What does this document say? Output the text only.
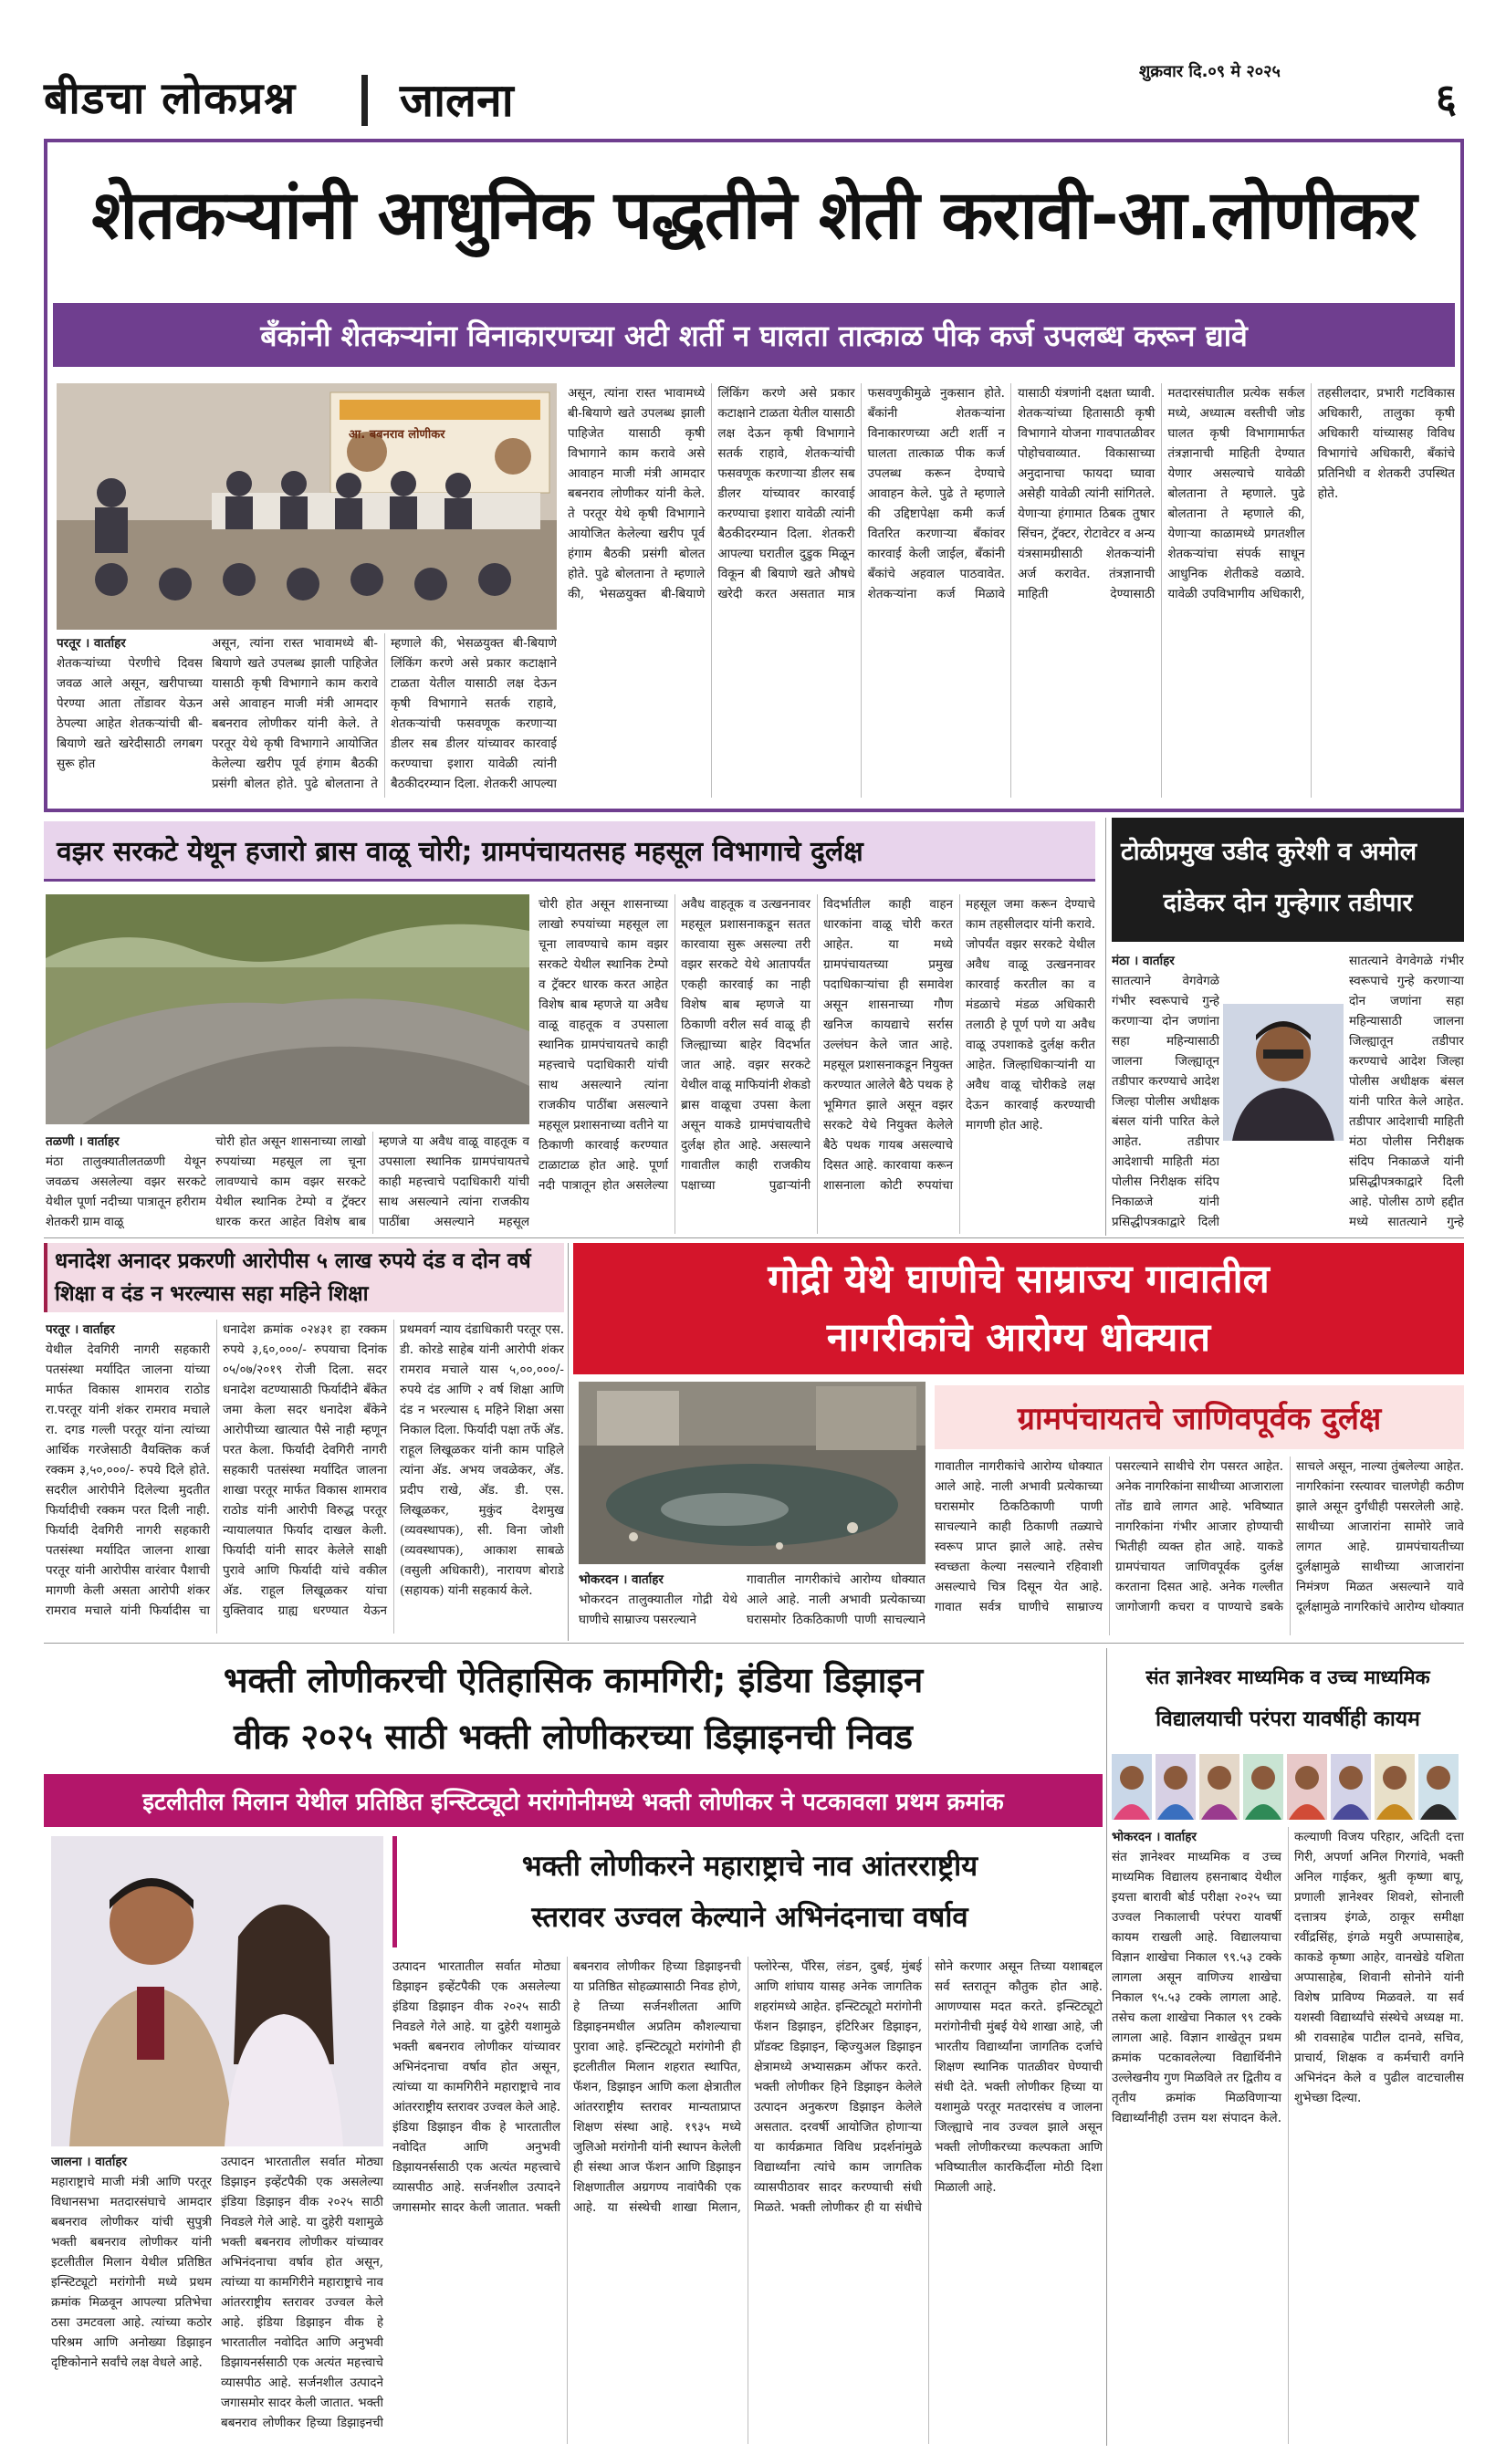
बीडचा लोकप्रश्न जालना
शुक्रवार दि.०९ मे २०२५
६
शेतकऱ्यांनी आधुनिक पद्धतीने शेती करावी-आ.लोणीकर
बँकांनी शेतकऱ्यांना विनाकारणच्या अटी शर्ती न घालता तात्काळ पीक कर्ज उपलब्ध करून द्यावे
आ. बबनराव लोणीकर
परतूर । वार्ताहर
शेतकऱ्यांच्या पेरणीचे दिवस जवळ आले असून, खरीपाच्या पेरण्या आता तोंडावर येऊन ठेपल्या आहेत शेतकऱ्यांची बी-बियाणे खते खरेदीसाठी लगबग सुरू होत
असून, त्यांना रास्त भावामध्ये बी-बियाणे खते उपलब्ध झाली पाहिजेत यासाठी कृषी विभागाने काम करावे असे आवाहन माजी मंत्री आमदार बबनराव लोणीकर यांनी केले. ते परतूर येथे कृषी विभागाने आयोजित केलेल्या खरीप पूर्व हंगाम बैठकी प्रसंगी बोलत होते. पुढे बोलताना ते म्हणाले की, भेसळयुक्त बी-बियाणे लिंकिंग करणे असे प्रकार कटाक्षाने टाळता येतील यासाठी लक्ष देऊन कृषी विभागाने सतर्क राहावे, शेतकऱ्यांची फसवणूक करणाऱ्या डीलर सब डीलर यांच्यावर कारवाई करण्याचा इशारा यावेळी त्यांनी बैठकीदरम्यान दिला. शेतकरी आपल्या
असून, त्यांना रास्त भावामध्ये बी-बियाणे खते उपलब्ध झाली पाहिजेत यासाठी कृषी विभागाने काम करावे असे आवाहन माजी मंत्री आमदार बबनराव लोणीकर यांनी केले. ते परतूर येथे कृषी विभागाने आयोजित केलेल्या खरीप पूर्व हंगाम बैठकी प्रसंगी बोलत होते. पुढे बोलताना ते म्हणाले की, भेसळयुक्त बी-बियाणे लिंकिंग करणे असे प्रकार कटाक्षाने टाळता येतील यासाठी लक्ष देऊन कृषी विभागाने सतर्क राहावे, शेतकऱ्यांची फसवणूक करणाऱ्या डीलर सब डीलर यांच्यावर कारवाई करण्याचा इशारा यावेळी त्यांनी बैठकीदरम्यान दिला. शेतकरी आपल्या घरातील दुडुक मिळून विकून बी बियाणे खते औषधे खरेदी करत असतात मात्र फसवणुकीमुळे नुकसान होते. बँकांनी शेतकऱ्यांना विनाकारणच्या अटी शर्ती न घालता तात्काळ पीक कर्ज उपलब्ध करून देण्याचे आवाहन केले. पुढे ते म्हणाले की उद्दिष्टापेक्षा कमी कर्ज वितरित करणाऱ्या बँकांवर कारवाई केली जाईल, बँकांनी बँकांचे अहवाल पाठवावेत. शेतकऱ्यांना कर्ज मिळावे यासाठी यंत्रणांनी दक्षता घ्यावी. शेतकऱ्यांच्या हितासाठी कृषी विभागाने योजना गावपातळीवर पोहोचवाव्यात. विकासाच्या अनुदानाचा फायदा घ्यावा असेही यावेळी त्यांनी सांगितले. येणाऱ्या हंगामात ठिबक तुषार सिंचन, ट्रॅक्टर, रोटावेटर व अन्य यंत्रसामग्रीसाठी शेतकऱ्यांनी अर्ज करावेत. तंत्रज्ञानाची माहिती देण्यासाठी मतदारसंघातील प्रत्येक सर्कल मध्ये, अध्यात्म वस्तीची जोड घालत कृषी विभागामार्फत तंत्रज्ञानाची माहिती देण्यात येणार असल्याचे यावेळी बोलताना ते म्हणाले. पुढे बोलताना ते म्हणाले की, येणाऱ्या काळामध्ये प्रगतशील शेतकऱ्यांचा संपर्क साधून आधुनिक शेतीकडे वळावे. यावेळी उपविभागीय अधिकारी, तहसीलदार, प्रभारी गटविकास अधिकारी, तालुका कृषी अधिकारी यांच्यासह विविध विभागांचे अधिकारी, बँकांचे प्रतिनिधी व शेतकरी उपस्थित होते.
वझर सरकटे येथून हजारो ब्रास वाळू चोरी; ग्रामपंचायतसह महसूल विभागाचे दुर्लक्ष
तळणी । वार्ताहर
मंठा तालुक्यातीलतळणी येथून जवळच असलेल्या वझर सरकटे येथील पूर्णा नदीच्या पात्रातून हरीराम शेतकरी ग्राम वाळू
चोरी होत असून शासनाच्या लाखो रुपयांच्या महसूल ला चूना लावण्याचे काम वझर सरकटे येथील स्थानिक टेम्पो व ट्रॅक्टर धारक करत आहेत विशेष बाब म्हणजे या अवैध वाळू वाहतूक व उपसाला स्थानिक ग्रामपंचायतचे काही महत्त्वाचे पदाधिकारी यांची साथ असल्याने त्यांना राजकीय पाठींबा असल्याने महसूल
चोरी होत असून शासनाच्या लाखो रुपयांच्या महसूल ला चूना लावण्याचे काम वझर सरकटे येथील स्थानिक टेम्पो व ट्रॅक्टर धारक करत आहेत विशेष बाब म्हणजे या अवैध वाळू वाहतूक व उपसाला स्थानिक ग्रामपंचायतचे काही महत्त्वाचे पदाधिकारी यांची साथ असल्याने त्यांना राजकीय पाठींबा असल्याने महसूल प्रशासनाच्या वतीने या ठिकाणी कारवाई करण्यात टाळाटाळ होत आहे. पूर्णा नदी पात्रातून होत असलेल्या अवैध वाहतूक व उत्खननावर महसूल प्रशासनाकडून सतत कारवाया सुरू असल्या तरी वझर सरकटे येथे आतापर्यंत एकही कारवाई का नाही विशेष बाब म्हणजे या ठिकाणी वरील सर्व वाळू ही जिल्ह्याच्या बाहेर विदर्भात जात आहे. वझर सरकटे येथील वाळू माफियांनी शेकडो ब्रास वाळूचा उपसा केला असून याकडे ग्रामपंचायतीचे दुर्लक्ष होत आहे. असल्याने गावातील काही राजकीय पक्षाच्या पुढाऱ्यांनी विदर्भातील काही वाहन धारकांना वाळू चोरी करत आहेत. या मध्ये ग्रामपंचायतच्या प्रमुख पदाधिकाऱ्यांचा ही समावेश असून शासनाच्या गौण खनिज कायद्याचे सर्रास उल्लंघन केले जात आहे. महसूल प्रशासनाकडून नियुक्त करण्यात आलेले बैठे पथक हे भूमिगत झाले असून वझर सरकटे येथे नियुक्त केलेले बैठे पथक गायब असल्याचे दिसत आहे. कारवाया करून शासनाला कोटी रुपयांचा महसूल जमा करून देण्याचे काम तहसीलदार यांनी करावे. जोपर्यंत वझर सरकटे येथील अवैध वाळू उत्खननावर कारवाई करतील का व मंडळाचे मंडळ अधिकारी तलाठी हे पूर्ण पणे या अवैध वाळू उपशाकडे दुर्लक्ष करीत आहेत. जिल्हाधिकाऱ्यांनी या अवैध वाळू चोरीकडे लक्ष देऊन कारवाई करण्याची मागणी होत आहे.
टोळीप्रमुख उडीद कुरेशी व अमोल
दांडेकर दोन गुन्हेगार तडीपार
मंठा । वार्ताहर
सातत्याने वेगवेगळे गंभीर स्वरूपाचे गुन्हे करणाऱ्या दोन जणांना सहा महिन्यासाठी जालना जिल्ह्यातून तडीपार करण्याचे आदेश जिल्हा पोलीस अधीक्षक बंसल यांनी पारित केले आहेत. तडीपार आदेशाची माहिती मंठा पोलीस निरीक्षक संदिप निकाळजे यांनी प्रसिद्धीपत्रकाद्वारे दिली
सातत्याने वेगवेगळे गंभीर स्वरूपाचे गुन्हे करणाऱ्या दोन जणांना सहा महिन्यासाठी जालना जिल्ह्यातून तडीपार करण्याचे आदेश जिल्हा पोलीस अधीक्षक बंसल यांनी पारित केले आहेत. तडीपार आदेशाची माहिती मंठा पोलीस निरीक्षक संदिप निकाळजे यांनी प्रसिद्धीपत्रकाद्वारे दिली आहे. पोलीस ठाणे हद्दीत मध्ये सातत्याने गुन्हे
धनादेश अनादर प्रकरणी आरोपीस ५ लाख रुपये दंड व दोन वर्ष शिक्षा व दंड न भरल्यास सहा महिने शिक्षा
परतूर । वार्ताहर
येथील देवगिरी नागरी सहकारी पतसंस्था मर्यादित जालना यांच्या मार्फत विकास शामराव राठोड रा.परतूर यांनी शंकर रामराव मचाले रा. दगड गल्ली परतूर यांना त्यांच्या आर्थिक गरजेसाठी वैयक्तिक कर्ज रक्कम ३,५०,०००/- रुपये दिले होते. सदरील आरोपीने दिलेल्या मुदतीत फिर्यादीची रक्कम परत दिली नाही. फिर्यादी देवगिरी नागरी सहकारी पतसंस्था मर्यादित जालना शाखा परतूर यांनी आरोपीस वारंवार पैशाची मागणी केली असता आरोपी शंकर रामराव मचाले यांनी फिर्यादीस चा धनादेश क्रमांक ०२४३१ हा रक्कम रुपये ३,६०,०००/- रुपयाचा दिनांक ०५/०७/२०१९ रोजी दिला. सदर धनादेश वटण्यासाठी फिर्यादीने बँकेत जमा केला सदर धनादेश बँकेने आरोपीच्या खात्यात पैसे नाही म्हणून परत केला. फिर्यादी देवगिरी नागरी सहकारी पतसंस्था मर्यादित जालना शाखा परतूर मार्फत विकास शामराव राठोड यांनी आरोपी विरुद्ध परतूर न्यायालयात फिर्याद दाखल केली. फिर्यादी यांनी सादर केलेले साक्षी पुरावे आणि फिर्यादी यांचे वकील अ‍ॅड. राहूल लिखूळकर यांचा युक्तिवाद ग्राह्य धरण्यात येऊन प्रथमवर्ग न्याय दंडाधिकारी परतूर एस. डी. कोरडे साहेब यांनी आरोपी शंकर रामराव मचाले यास ५,००,०००/- रुपये दंड आणि २ वर्ष शिक्षा आणि दंड न भरल्यास ६ महिने शिक्षा असा निकाल दिला. फिर्यादी पक्षा तर्फे अ‍ॅड. राहूल लिखूळकर यांनी काम पाहिले त्यांना अ‍ॅड. अभय जवळेकर, अ‍ॅड. प्रदीप राखे, अ‍ॅड. डी. एस. लिखूळकर, मुकुंद देशमुख (व्यवस्थापक), सी. विना जोशी (व्यवस्थापक), आकाश साबळे (वसुली अधिकारी), नारायण बोराडे (सहायक) यांनी सहकार्य केले.
गोद्री येथे घाणीचे साम्राज्य गावातील
नागरीकांचे आरोग्य धोक्यात
ग्रामपंचायतचे जाणिवपूर्वक दुर्लक्ष
भोकरदन । वार्ताहर
भोकरदन तालुक्यातील गोद्री येथे घाणीचे साम्राज्य पसरल्याने
गावातील नागरीकांचे आरोग्य धोक्यात आले आहे. नाली अभावी प्रत्येकाच्या घरासमोर ठिकठिकाणी पाणी साचल्याने
गावातील नागरीकांचे आरोग्य धोक्यात आले आहे. नाली अभावी प्रत्येकाच्या घरासमोर ठिकठिकाणी पाणी साचल्याने काही ठिकाणी तळ्याचे स्वरूप प्राप्त झाले आहे. तसेच स्वच्छता केल्या नसल्याने रहिवाशी असल्याचे चित्र दिसून येत आहे. गावात सर्वत्र घाणीचे साम्राज्य पसरल्याने साथीचे रोग पसरत आहेत. अनेक नागरिकांना साथीच्या आजाराला तोंड द्यावे लागत आहे. भविष्यात नागरिकांना गंभीर आजार होण्याची भितीही व्यक्त होत आहे. याकडे ग्रामपंचायत जाणिवपूर्वक दुर्लक्ष करताना दिसत आहे. अनेक गल्लीत जागोजागी कचरा व पाण्याचे डबके साचले असून, नाल्या तुंबलेल्या आहेत. नागरिकांना रस्त्यावर चालणेही कठीण झाले असून दुर्गंधीही पसरलेली आहे. साथीच्या आजारांना सामोरे जावे लागत आहे. ग्रामपंचायतीच्या दुर्लक्षामुळे साथीच्या आजारांना निमंत्रण मिळत असल्याने यावे दूर्लक्षामुळे नागरिकांचे आरोग्य धोक्यात
भक्ती लोणीकरची ऐतिहासिक कामगिरी; इंडिया डिझाइन
वीक २०२५ साठी भक्ती लोणीकरच्या डिझाइनची निवड
इटलीतील मिलान येथील प्रतिष्ठित इन्स्टिट्यूटो मरांगोनीमध्ये भक्ती लोणीकर ने पटकावला प्रथम क्रमांक
भक्ती लोणीकरने महाराष्ट्राचे नाव आंतरराष्ट्रीय
स्तरावर उज्वल केल्याने अभिनंदनाचा वर्षाव
जालना । वार्ताहर
महाराष्ट्राचे माजी मंत्री आणि परतूर विधानसभा मतदारसंघाचे आमदार बबनराव लोणीकर यांची सुपुत्री भक्ती बबनराव लोणीकर यांनी इटलीतील मिलान येथील प्रतिष्ठित इन्स्टिट्यूटो मरांगोनी मध्ये प्रथम क्रमांक मिळवून आपल्या प्रतिभेचा ठसा उमटवला आहे. त्यांच्या कठोर परिश्रम आणि अनोख्या डिझाइन दृष्टिकोनाने सर्वांचे लक्ष वेधले आहे.
उत्पादन भारतातील सर्वात मोठ्या डिझाइन इव्हेंटपैकी एक असलेल्या इंडिया डिझाइन वीक २०२५ साठी निवडले गेले आहे. या दुहेरी यशामुळे भक्ती बबनराव लोणीकर यांच्यावर अभिनंदनाचा वर्षाव होत असून, त्यांच्या या कामगिरीने महाराष्ट्राचे नाव आंतरराष्ट्रीय स्तरावर उज्वल केले आहे. इंडिया डिझाइन वीक हे भारतातील नवोदित आणि अनुभवी डिझायनर्ससाठी एक अत्यंत महत्त्वाचे व्यासपीठ आहे. सर्जनशील उत्पादने जगासमोर सादर केली जातात. भक्ती बबनराव लोणीकर हिच्या डिझाइनची
उत्पादन भारतातील सर्वात मोठ्या डिझाइन इव्हेंटपैकी एक असलेल्या इंडिया डिझाइन वीक २०२५ साठी निवडले गेले आहे. या दुहेरी यशामुळे भक्ती बबनराव लोणीकर यांच्यावर अभिनंदनाचा वर्षाव होत असून, त्यांच्या या कामगिरीने महाराष्ट्राचे नाव आंतरराष्ट्रीय स्तरावर उज्वल केले आहे. इंडिया डिझाइन वीक हे भारतातील नवोदित आणि अनुभवी डिझायनर्ससाठी एक अत्यंत महत्त्वाचे व्यासपीठ आहे. सर्जनशील उत्पादने जगासमोर सादर केली जातात. भक्ती बबनराव लोणीकर हिच्या डिझाइनची या प्रतिष्ठित सोहळ्यासाठी निवड होणे, हे तिच्या सर्जनशीलता आणि डिझाइनमधील अप्रतिम कौशल्याचा पुरावा आहे. इन्स्टिट्यूटो मरांगोनी ही इटलीतील मिलान शहरात स्थापित, फॅशन, डिझाइन आणि कला क्षेत्रातील आंतरराष्ट्रीय स्तरावर मान्यताप्राप्त शिक्षण संस्था आहे. १९३५ मध्ये जुलिओ मरांगोनी यांनी स्थापन केलेली ही संस्था आज फॅशन आणि डिझाइन शिक्षणातील अग्रगण्य नावांपैकी एक आहे. या संस्थेची शाखा मिलान, फ्लोरेन्स, पॅरिस, लंडन, दुबई, मुंबई आणि शांघाय यासह अनेक जागतिक शहरांमध्ये आहेत. इन्स्टिट्यूटो मरांगोनी फॅशन डिझाइन, इंटिरिअर डिझाइन, प्रॉडक्ट डिझाइन, व्हिज्युअल डिझाइन क्षेत्रामध्ये अभ्यासक्रम ऑफर करते. भक्ती लोणीकर हिने डिझाइन केलेले उत्पादन अनुकरण डिझाइन केलेले असतात. दरवर्षी आयोजित होणाऱ्या या कार्यक्रमात विविध प्रदर्शनांमुळे विद्यार्थ्यांना त्यांचे काम जागतिक व्यासपीठावर सादर करण्याची संधी मिळते. भक्ती लोणीकर ही या संधीचे सोने करणार असून तिच्या यशाबद्दल सर्व स्तरातून कौतुक होत आहे. आणण्यास मदत करते. इन्स्टिट्यूटो मरांगोनीची मुंबई येथे शाखा आहे, जी भारतीय विद्यार्थ्यांना जागतिक दर्जाचे शिक्षण स्थानिक पातळीवर घेण्याची संधी देते. भक्ती लोणीकर हिच्या या यशामुळे परतूर मतदारसंघ व जालना जिल्ह्याचे नाव उज्वल झाले असून भक्ती लोणीकरच्या कल्पकता आणि भविष्यातील कारकिर्दीला मोठी दिशा मिळाली आहे.
संत ज्ञानेश्वर माध्यमिक व उच्च माध्यमिक
विद्यालयाची परंपरा यावर्षीही कायम
भोकरदन । वार्ताहर
संत ज्ञानेश्वर माध्यमिक व उच्च माध्यमिक विद्यालय हसनाबाद येथील इयत्ता बारावी बोर्ड परीक्षा २०२५ च्या उज्वल निकालाची परंपरा यावर्षी कायम राखली आहे. विद्यालयाचा विज्ञान शाखेचा निकाल ९९.५३ टक्के लागला असून वाणिज्य शाखेचा निकाल ९५.५३ टक्के लागला आहे. तसेच कला शाखेचा निकाल ९९ टक्के लागला आहे. विज्ञान शाखेतून प्रथम क्रमांक पटकावलेल्या विद्यार्थिनीने उल्लेखनीय गुण मिळविले तर द्वितीय व तृतीय क्रमांक मिळविणाऱ्या विद्यार्थ्यांनीही उत्तम यश संपादन केले. कल्याणी विजय परिहार, अदिती दत्ता गिरी, अपर्णा अनिल गिरगांवे, भक्ती अनिल गाईकर, श्रुती कृष्णा बापू, प्रणाली ज्ञानेश्वर शिवशे, सोनाली दत्तात्रय इंगळे, ठाकूर समीक्षा रवींद्रसिंह, इंगळे मयुरी अप्पासाहेब, काकडे कृष्णा आहेर, वानखेडे यशिता अप्पासाहेब, शिवानी सोनोने यांनी विशेष प्राविण्य मिळवले. या सर्व यशस्वी विद्यार्थ्यांचे संस्थेचे अध्यक्ष मा. श्री रावसाहेब पाटील दानवे, सचिव, प्राचार्य, शिक्षक व कर्मचारी वर्गाने अभिनंदन केले व पुढील वाटचालीस शुभेच्छा दिल्या.
